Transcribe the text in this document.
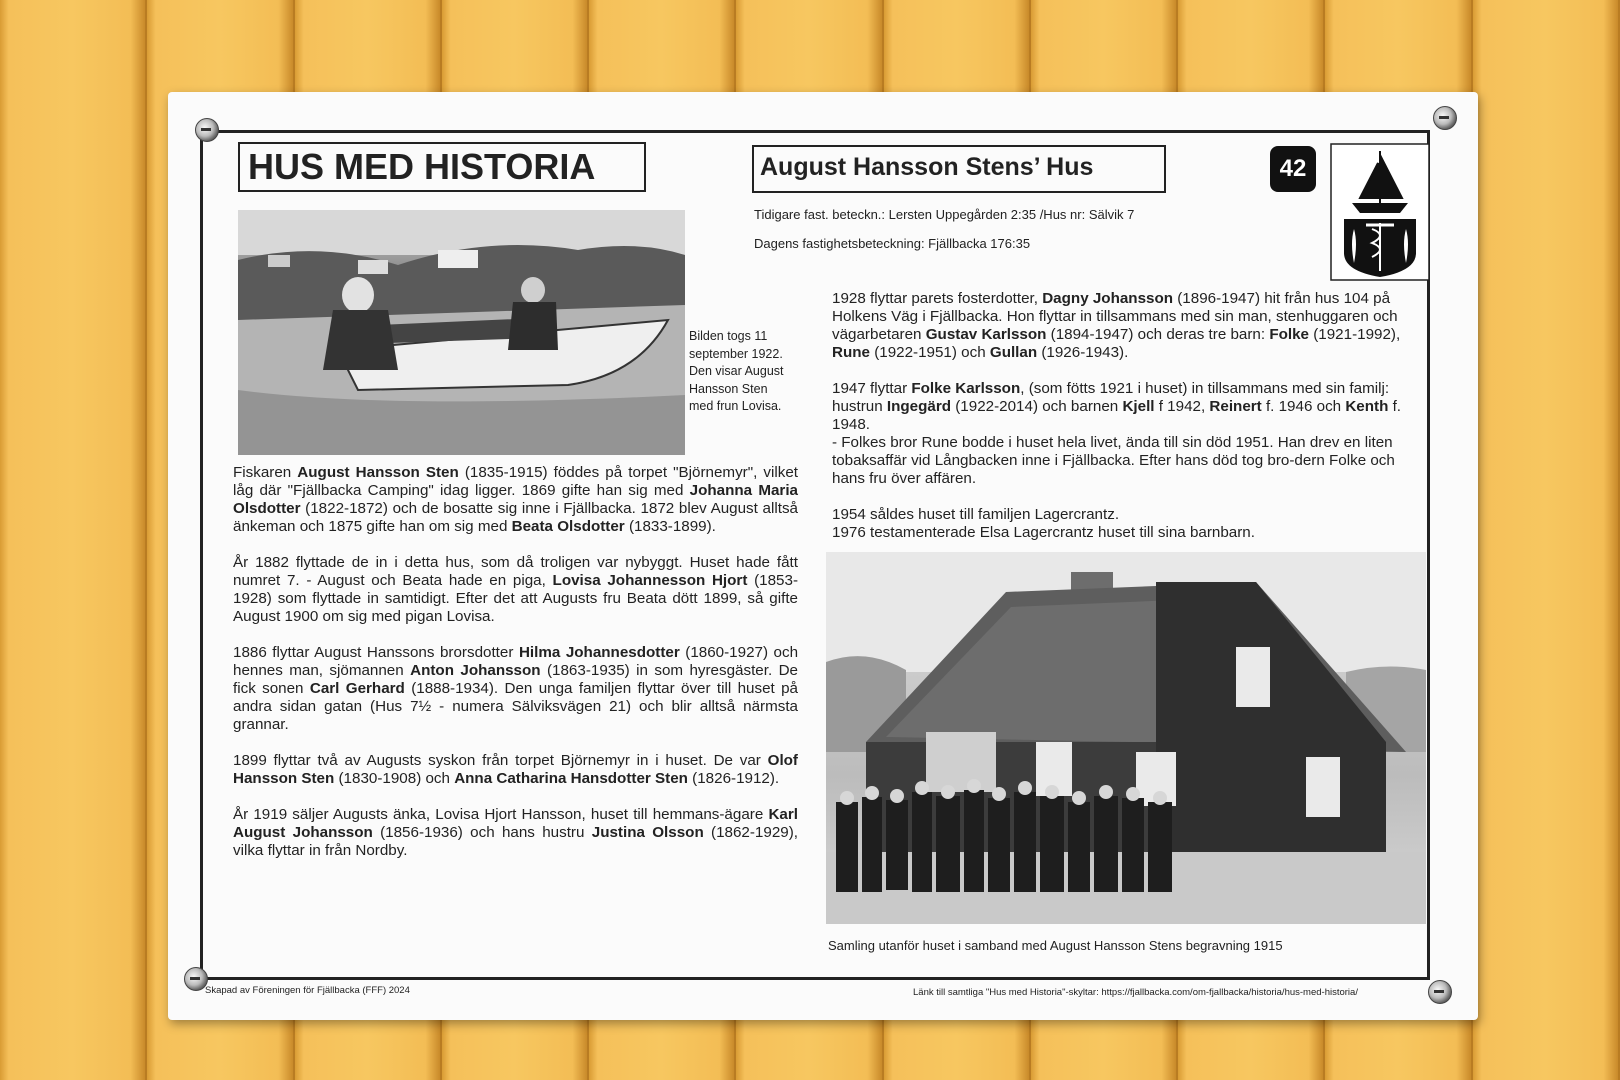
HUS MED HISTORIA	August Hansson Stens’ Hus	42
Tidigare fast. beteckn.: Lersten Uppegården 2:35 /Hus nr: Sälvik 7
Dagens fastighetsbeteckning: Fjällbacka 176:35
Bilden togs 11
september 1922.
Den visar August
Hansson Sten
med frun Lovisa.
Samling utanför huset i samband med August Hansson Stens begravning 1915

Fiskaren August Hansson Sten (1835-1915) föddes på torpet "Björnemyr", vilket låg där "Fjällbacka Camping" idag ligger. 1869 gifte han sig med Johanna Maria Olsdotter (1822-1872) och de bosatte sig inne i Fjällbacka. 1872 blev August alltså änkeman och 1875 gifte han om sig med Beata Olsdotter (1833-1899).

År 1882 flyttade de in i detta hus, som då troligen var nybyggt. Huset hade fått numret 7. - August och Beata hade en piga, Lovisa Johannesson Hjort (1853-1928) som flyttade in samtidigt. Efter det att Augusts fru Beata dött 1899, så gifte August 1900 om sig med pigan Lovisa.

1886 flyttar August Hanssons brorsdotter Hilma Johannesdotter (1860-1927) och hennes man, sjömannen Anton Johansson (1863-1935) in som hyresgäster. De fick sonen Carl Gerhard (1888-1934). Den unga familjen flyttar över till huset på andra sidan gatan (Hus 7½ - numera Sälviksvägen 21) och blir alltså närmsta grannar.

1899 flyttar två av Augusts syskon från torpet Björnemyr in i huset. De var Olof Hansson Sten (1830-1908) och Anna Catharina Hansdotter Sten (1826-1912).

År 1919 säljer Augusts änka, Lovisa Hjort Hansson, huset till hemmans-ägare Karl August Johansson (1856-1936) och hans hustru Justina Olsson (1862-1929), vilka flyttar in från Nordby.

1928 flyttar parets fosterdotter, Dagny Johansson (1896-1947) hit från hus 104 på Holkens Väg i Fjällbacka. Hon flyttar in tillsammans med sin man, stenhuggaren och vägarbetaren Gustav Karlsson (1894-1947) och deras tre barn: Folke (1921-1992), Rune (1922-1951) och Gullan (1926-1943).

1947 flyttar Folke Karlsson, (som fötts 1921 i huset) in tillsammans med sin familj: hustrun Ingegärd (1922-2014) och barnen Kjell f 1942, Reinert f. 1946 och Kenth f. 1948.
- Folkes bror Rune bodde i huset hela livet, ända till sin död 1951. Han drev en liten tobaksaffär vid Långbacken inne i Fjällbacka. Efter hans död tog bro-dern Folke och hans fru över affären.

1954 såldes huset till familjen Lagercrantz.
1976 testamenterade Elsa Lagercrantz huset till sina barnbarn.

Skapad av Föreningen för Fjällbacka (FFF) 2024	Länk till samtliga "Hus med Historia"-skyltar: https://fjallbacka.com/om-fjallbacka/historia/hus-med-historia/
